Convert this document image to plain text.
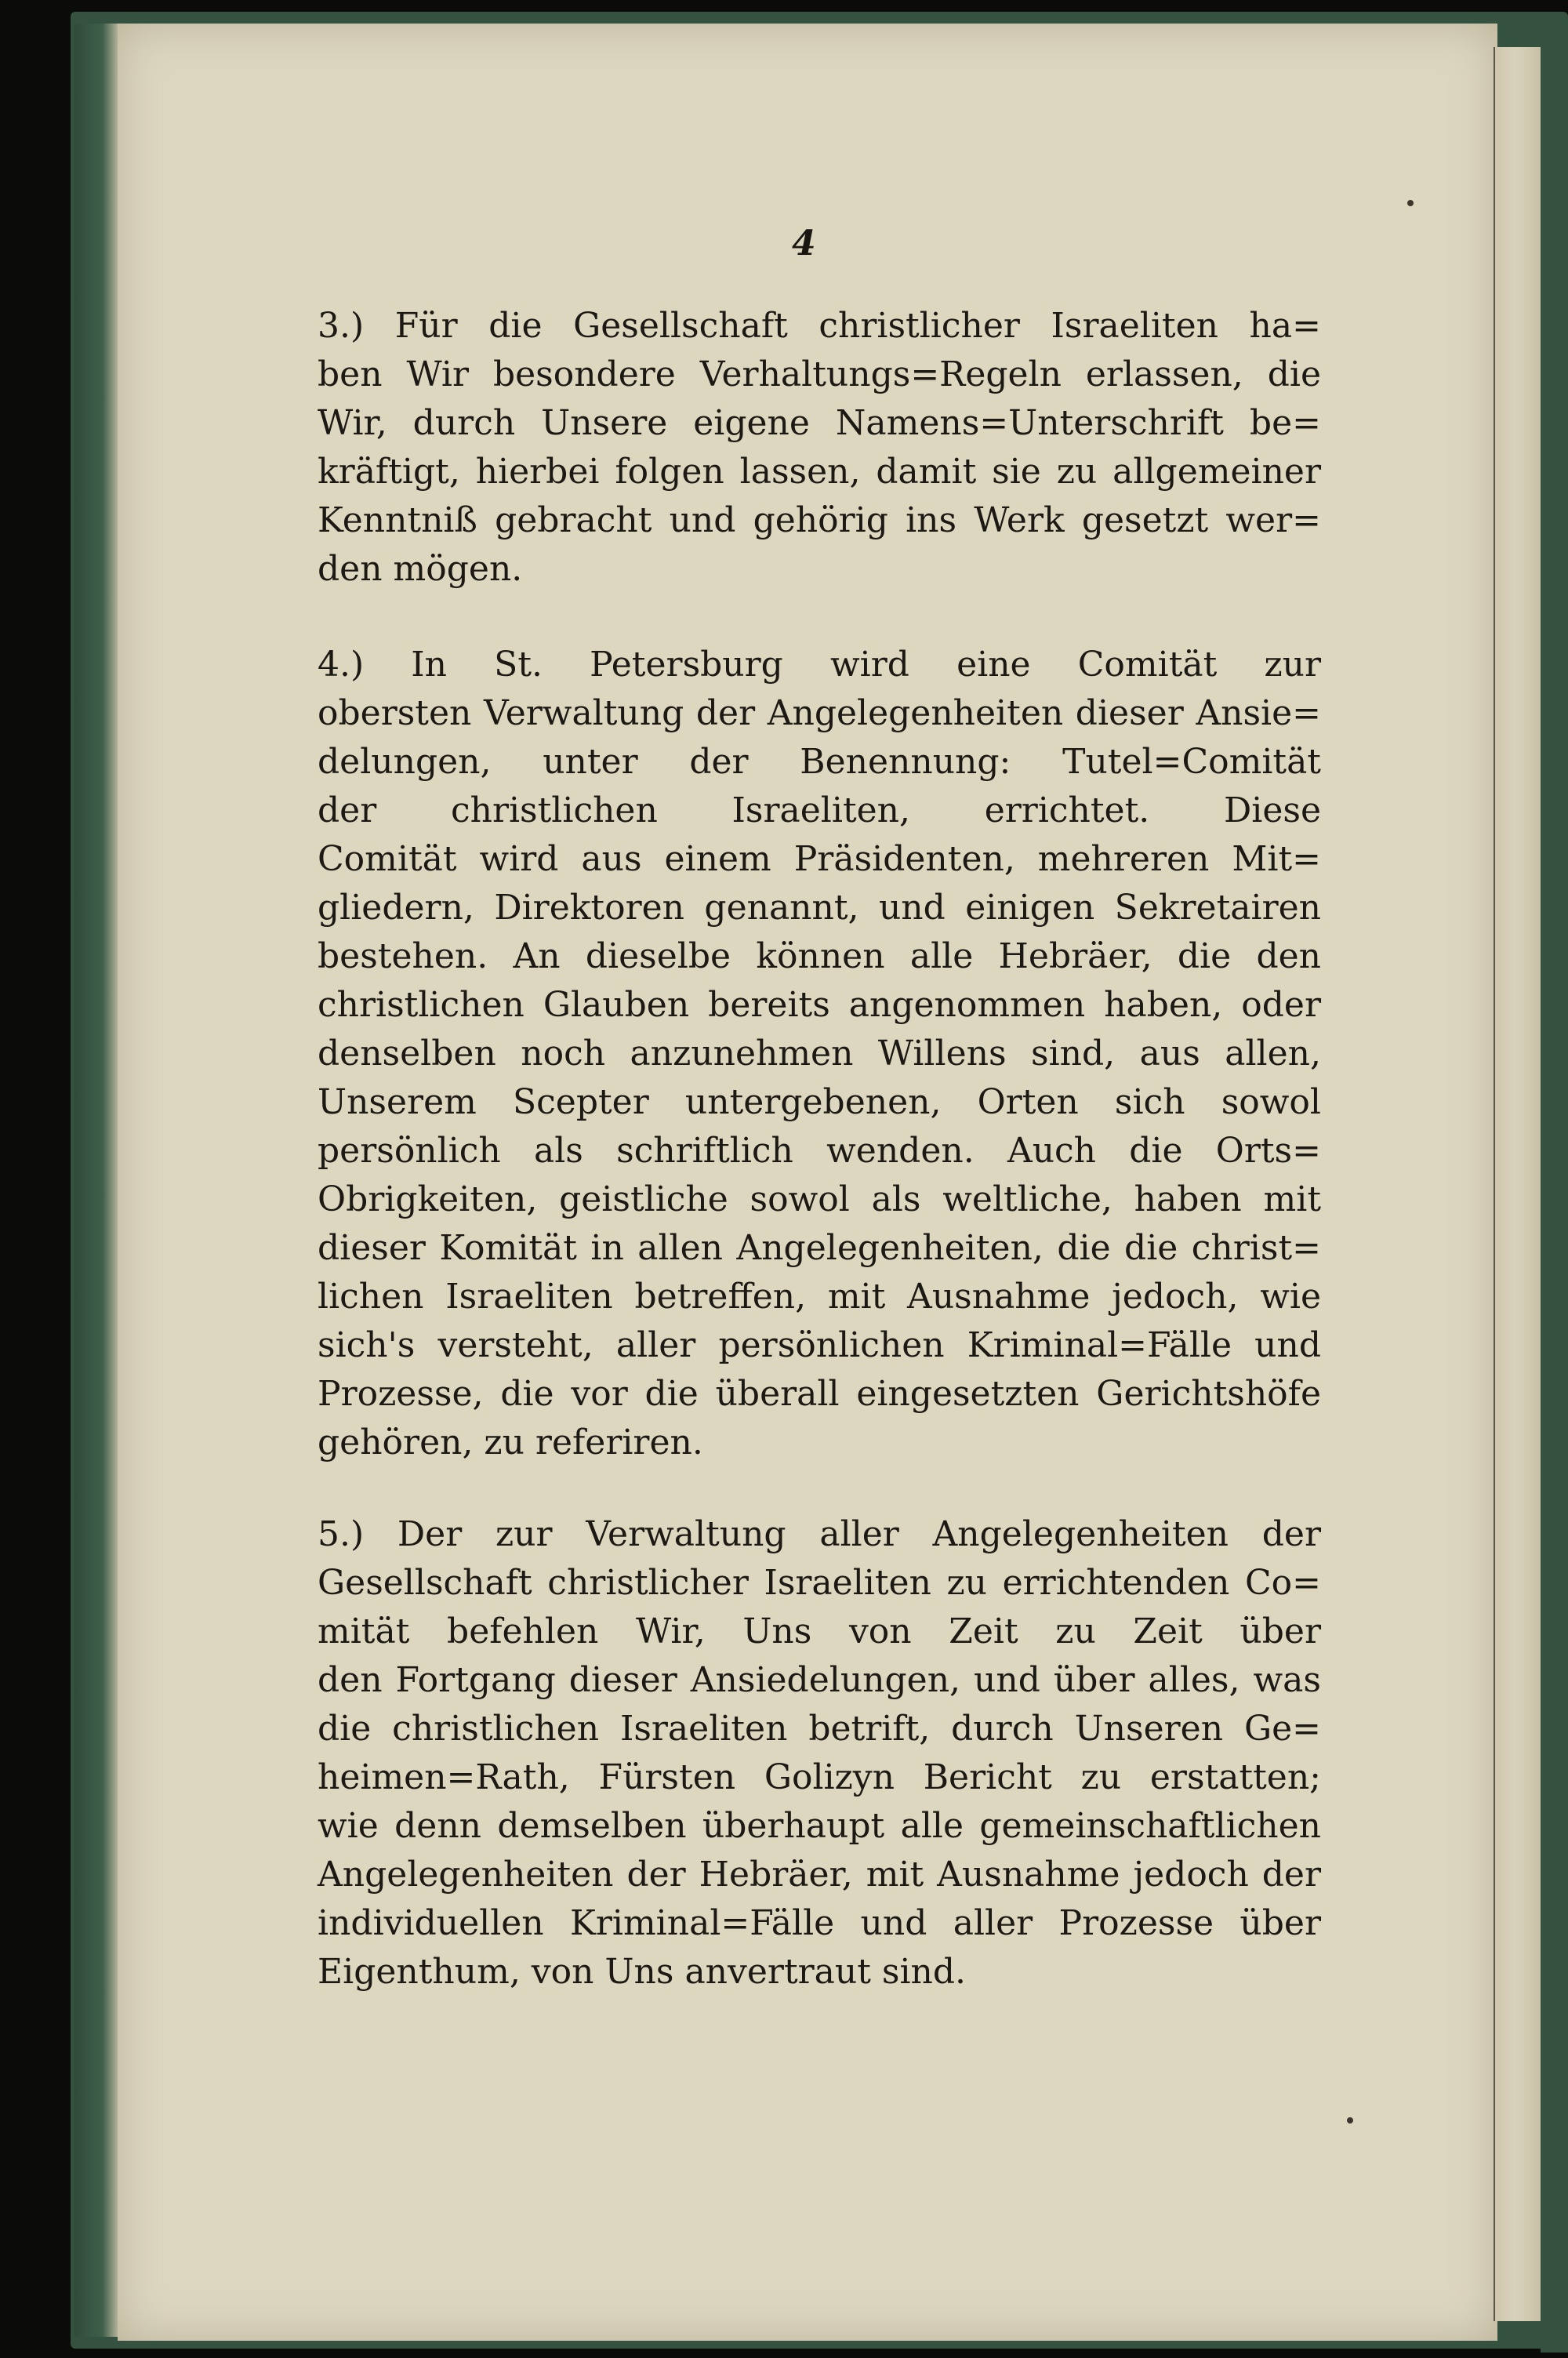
4
3.) Für die Gesellschaft christlicher Israeliten ha=
ben Wir besondere Verhaltungs=Regeln erlassen, die
Wir, durch Unsere eigene Namens=Unterschrift be=
kräftigt, hierbei folgen lassen, damit sie zu allgemeiner
Kenntniß gebracht und gehörig ins Werk gesetzt wer=
den mögen.
4.) In St. Petersburg wird eine Comität zur
obersten Verwaltung der Angelegenheiten dieser Ansie=
delungen, unter der Benennung: Tutel=Comität
der christlichen Israeliten, errichtet. Diese
Comität wird aus einem Präsidenten, mehreren Mit=
gliedern, Direktoren genannt, und einigen Sekretairen
bestehen. An dieselbe können alle Hebräer, die den
christlichen Glauben bereits angenommen haben, oder
denselben noch anzunehmen Willens sind, aus allen,
Unserem Scepter untergebenen, Orten sich sowol
persönlich als schriftlich wenden. Auch die Orts=
Obrigkeiten, geistliche sowol als weltliche, haben mit
dieser Komität in allen Angelegenheiten, die die christ=
lichen Israeliten betreffen, mit Ausnahme jedoch, wie
sich's versteht, aller persönlichen Kriminal=Fälle und
Prozesse, die vor die überall eingesetzten Gerichtshöfe
gehören, zu referiren.
5.) Der zur Verwaltung aller Angelegenheiten der
Gesellschaft christlicher Israeliten zu errichtenden Co=
mität befehlen Wir, Uns von Zeit zu Zeit über
den Fortgang dieser Ansiedelungen, und über alles, was
die christlichen Israeliten betrift, durch Unseren Ge=
heimen=Rath, Fürsten Golizyn Bericht zu erstatten;
wie denn demselben überhaupt alle gemeinschaftlichen
Angelegenheiten der Hebräer, mit Ausnahme jedoch der
individuellen Kriminal=Fälle und aller Prozesse über
Eigenthum, von Uns anvertraut sind.
